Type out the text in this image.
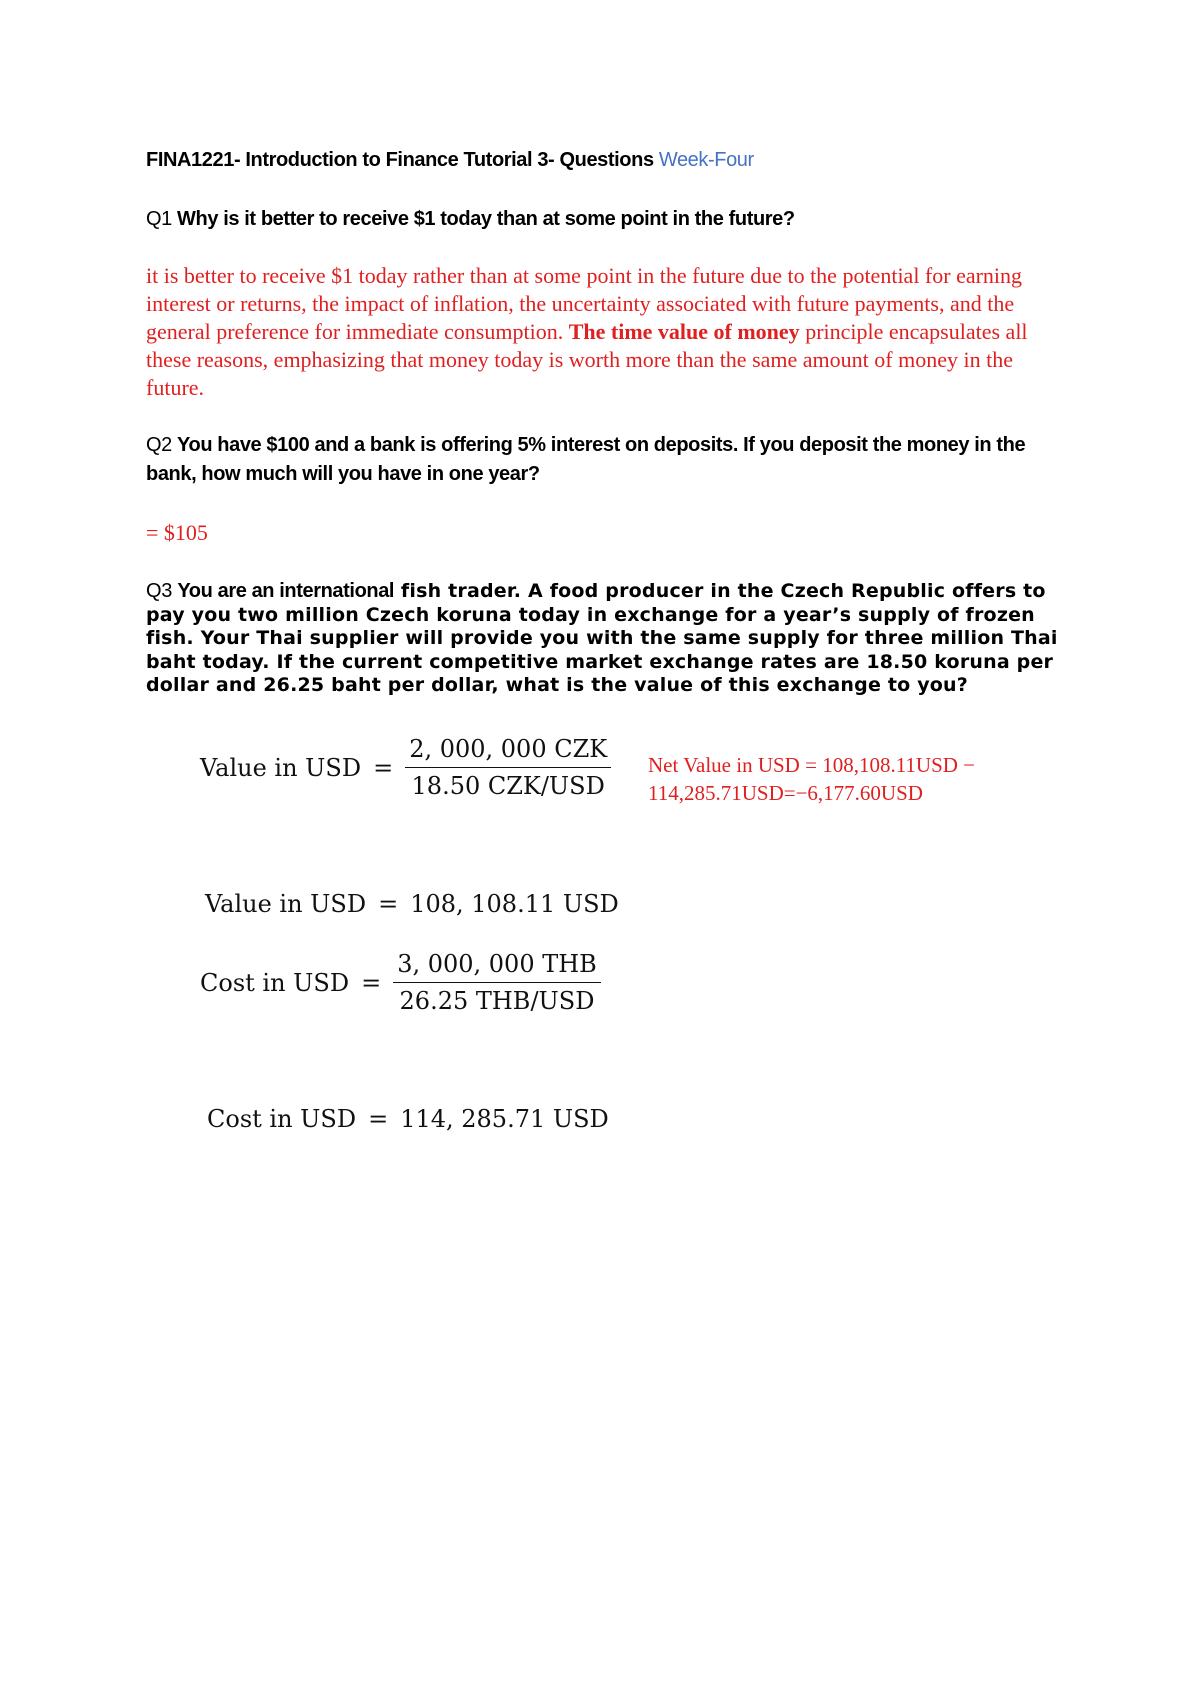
FINA1221- Introduction to Finance Tutorial 3- Questions Week-Four
Q1 Why is it better to receive $1 today than at some point in the future?
it is better to receive $1 today rather than at some point in the future due to the potential for earning interest or returns, the impact of inflation, the uncertainty associated with future payments, and the general preference for immediate consumption. The time value of money principle encapsulates all these reasons, emphasizing that money today is worth more than the same amount of money in the future.
Q2 You have $100 and a bank is offering 5% interest on deposits. If you deposit the money in the bank, how much will you have in one year?
= $105
Q3 You are an international fish trader. A food producer in the Czech Republic offers to pay you two million Czech koruna today in exchange for a year’s supply of frozen fish. Your Thai supplier will provide you with the same supply for three million Thai baht today. If the current competitive market exchange rates are 18.50 koruna per dollar and 26.25 baht per dollar, what is the value of this exchange to you?
Value in USD = $\frac{\text{2, 000, 000 CZK}}{\text{18.50 CZK/USD}}$ Net Value in USD = 108,108.11USD − 114,285.71USD=−6,177.60USD
Value in USD = 108, 108.11 USD
Cost in USD = $\frac{\text{3, 000, 000 THB}}{\text{26.25 THB/USD}}$
Cost in USD = 114, 285.71 USD
